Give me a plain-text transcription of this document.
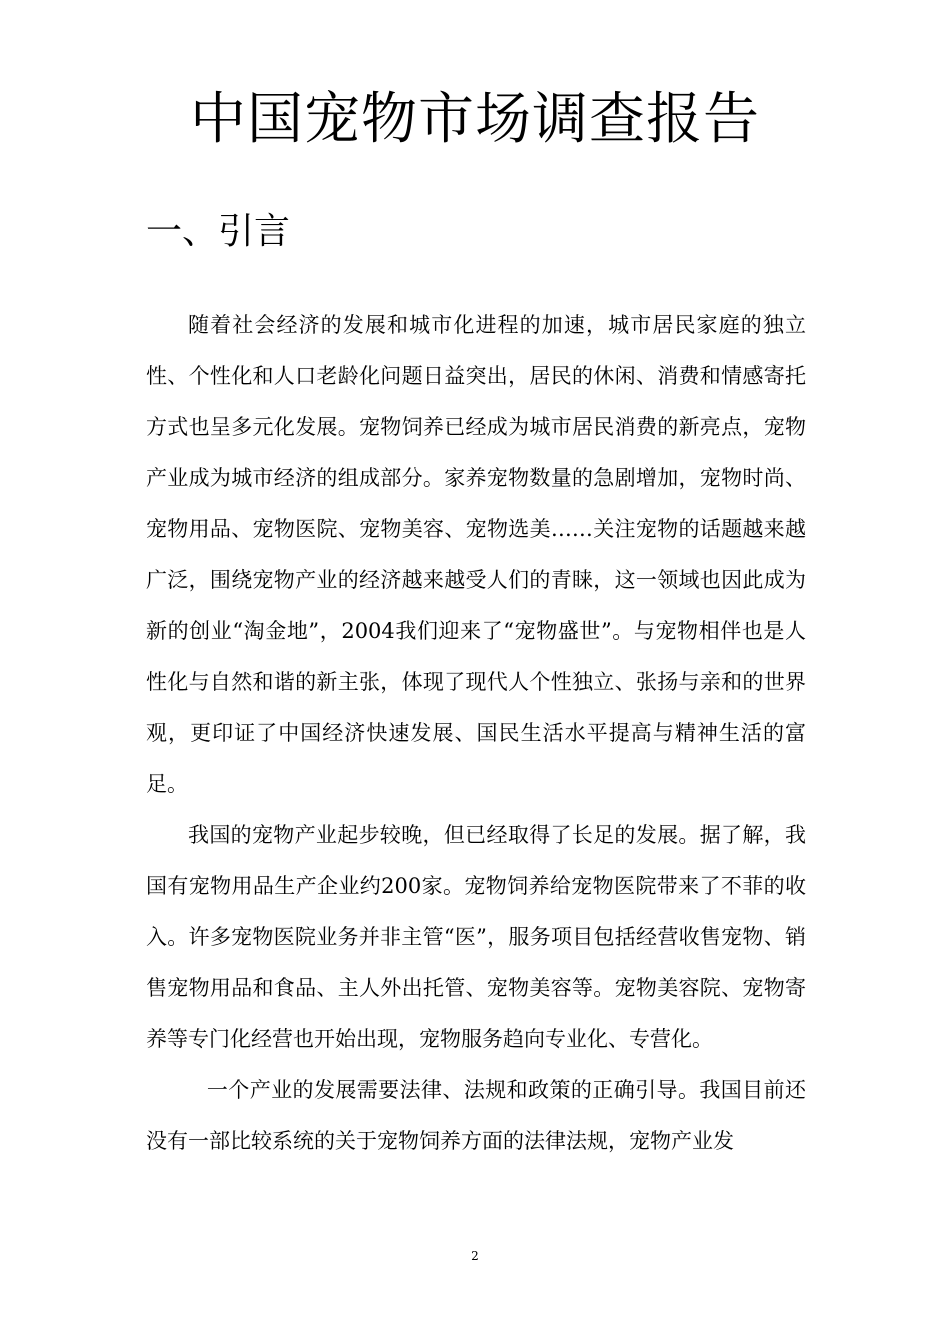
中国宠物市场调查报告
一、引言

随着社会经济的发展和城市化进程的加速，城市居民家庭的独立性、个性化和人口老龄化问题日益突出，居民的休闲、消费和情感寄托方式也呈多元化发展。宠物饲养已经成为城市居民消费的新亮点，宠物产业成为城市经济的组成部分。家养宠物数量的急剧增加，宠物时尚、宠物用品、宠物医院、宠物美容、宠物选美……关注宠物的话题越来越广泛，围绕宠物产业的经济越来越受人们的青睐，这一领域也因此成为新的创业“淘金地”，2004我们迎来了“宠物盛世”。与宠物相伴也是人性化与自然和谐的新主张，体现了现代人个性独立、张扬与亲和的世界观，更印证了中国经济快速发展、国民生活水平提高与精神生活的富足。

我国的宠物产业起步较晚，但已经取得了长足的发展。据了解，我国有宠物用品生产企业约200家。宠物饲养给宠物医院带来了不菲的收入。许多宠物医院业务并非主管“医”，服务项目包括经营收售宠物、销售宠物用品和食品、主人外出托管、宠物美容等。宠物美容院、宠物寄养等专门化经营也开始出现，宠物服务趋向专业化、专营化。

一个产业的发展需要法律、法规和政策的正确引导。我国目前还没有一部比较系统的关于宠物饲养方面的法律法规，宠物产业发

2
